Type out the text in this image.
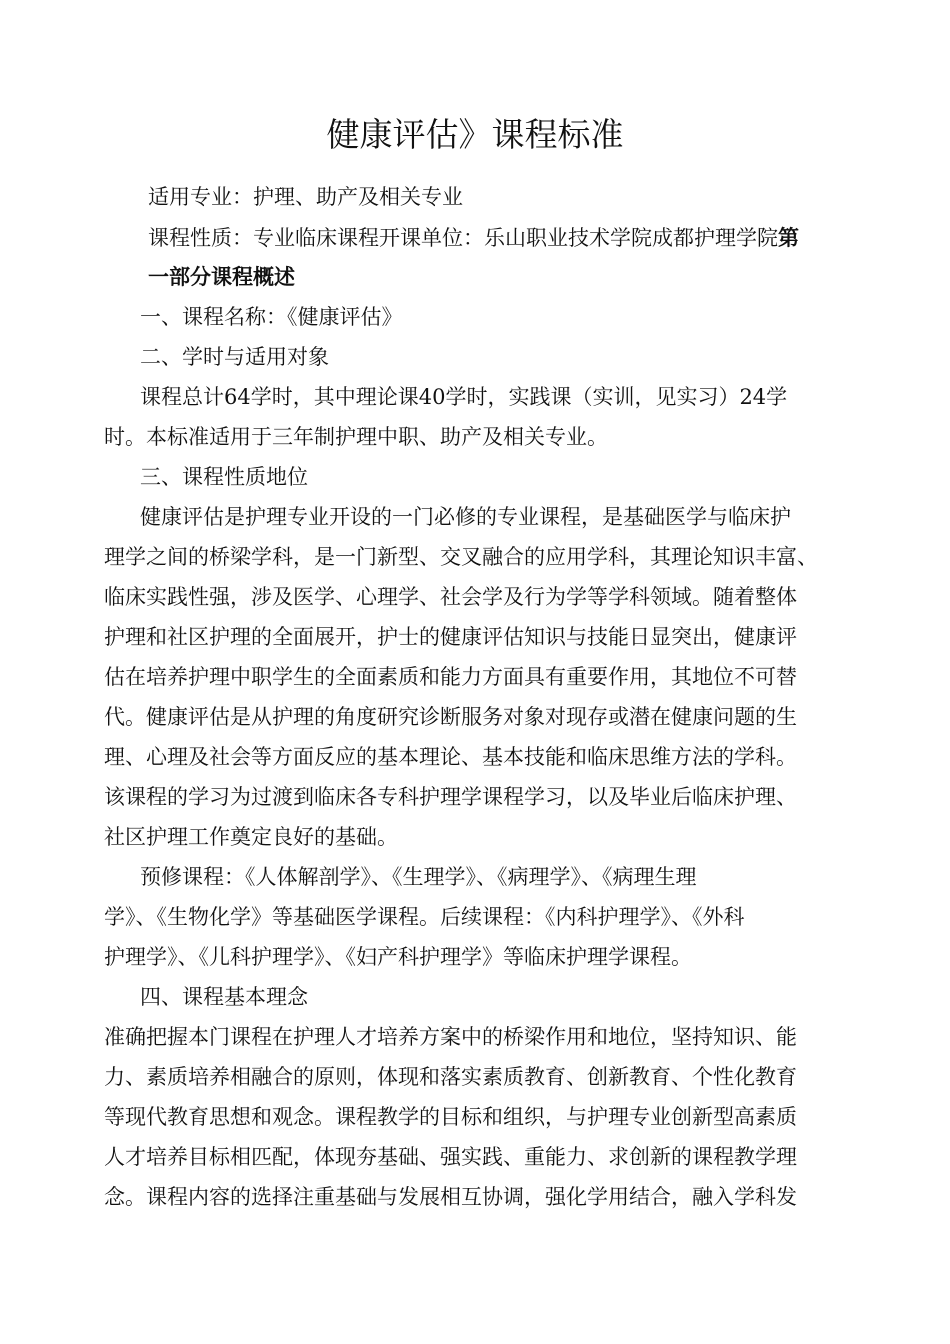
健康评估》课程标准

适用专业：护理、助产及相关专业

课程性质：专业临床课程开课单位：乐山职业技术学院成都护理学院第

一部分课程概述

一、课程名称：《健康评估》

二、学时与适用对象

课程总计64学时，其中理论课40学时，实践课（实训，见实习）24学

时。本标准适用于三年制护理中职、助产及相关专业。

三、课程性质地位

健康评估是护理专业开设的一门必修的专业课程，是基础医学与临床护

理学之间的桥梁学科，是一门新型、交叉融合的应用学科，其理论知识丰富、

临床实践性强，涉及医学、心理学、社会学及行为学等学科领域。随着整体

护理和社区护理的全面展开，护士的健康评估知识与技能日显突出，健康评

估在培养护理中职学生的全面素质和能力方面具有重要作用，其地位不可替

代。健康评估是从护理的角度研究诊断服务对象对现存或潜在健康问题的生

理、心理及社会等方面反应的基本理论、基本技能和临床思维方法的学科。

该课程的学习为过渡到临床各专科护理学课程学习，以及毕业后临床护理、

社区护理工作奠定良好的基础。

预修课程：《人体解剖学》、《生理学》、《病理学》、《病理生理

学》、《生物化学》等基础医学课程。后续课程：《内科护理学》、《外科

护理学》、《儿科护理学》、《妇产科护理学》等临床护理学课程。

四、课程基本理念

准确把握本门课程在护理人才培养方案中的桥梁作用和地位，坚持知识、能

力、素质培养相融合的原则，体现和落实素质教育、创新教育、个性化教育

等现代教育思想和观念。课程教学的目标和组织，与护理专业创新型高素质

人才培养目标相匹配，体现夯基础、强实践、重能力、求创新的课程教学理

念。课程内容的选择注重基础与发展相互协调，强化学用结合，融入学科发
